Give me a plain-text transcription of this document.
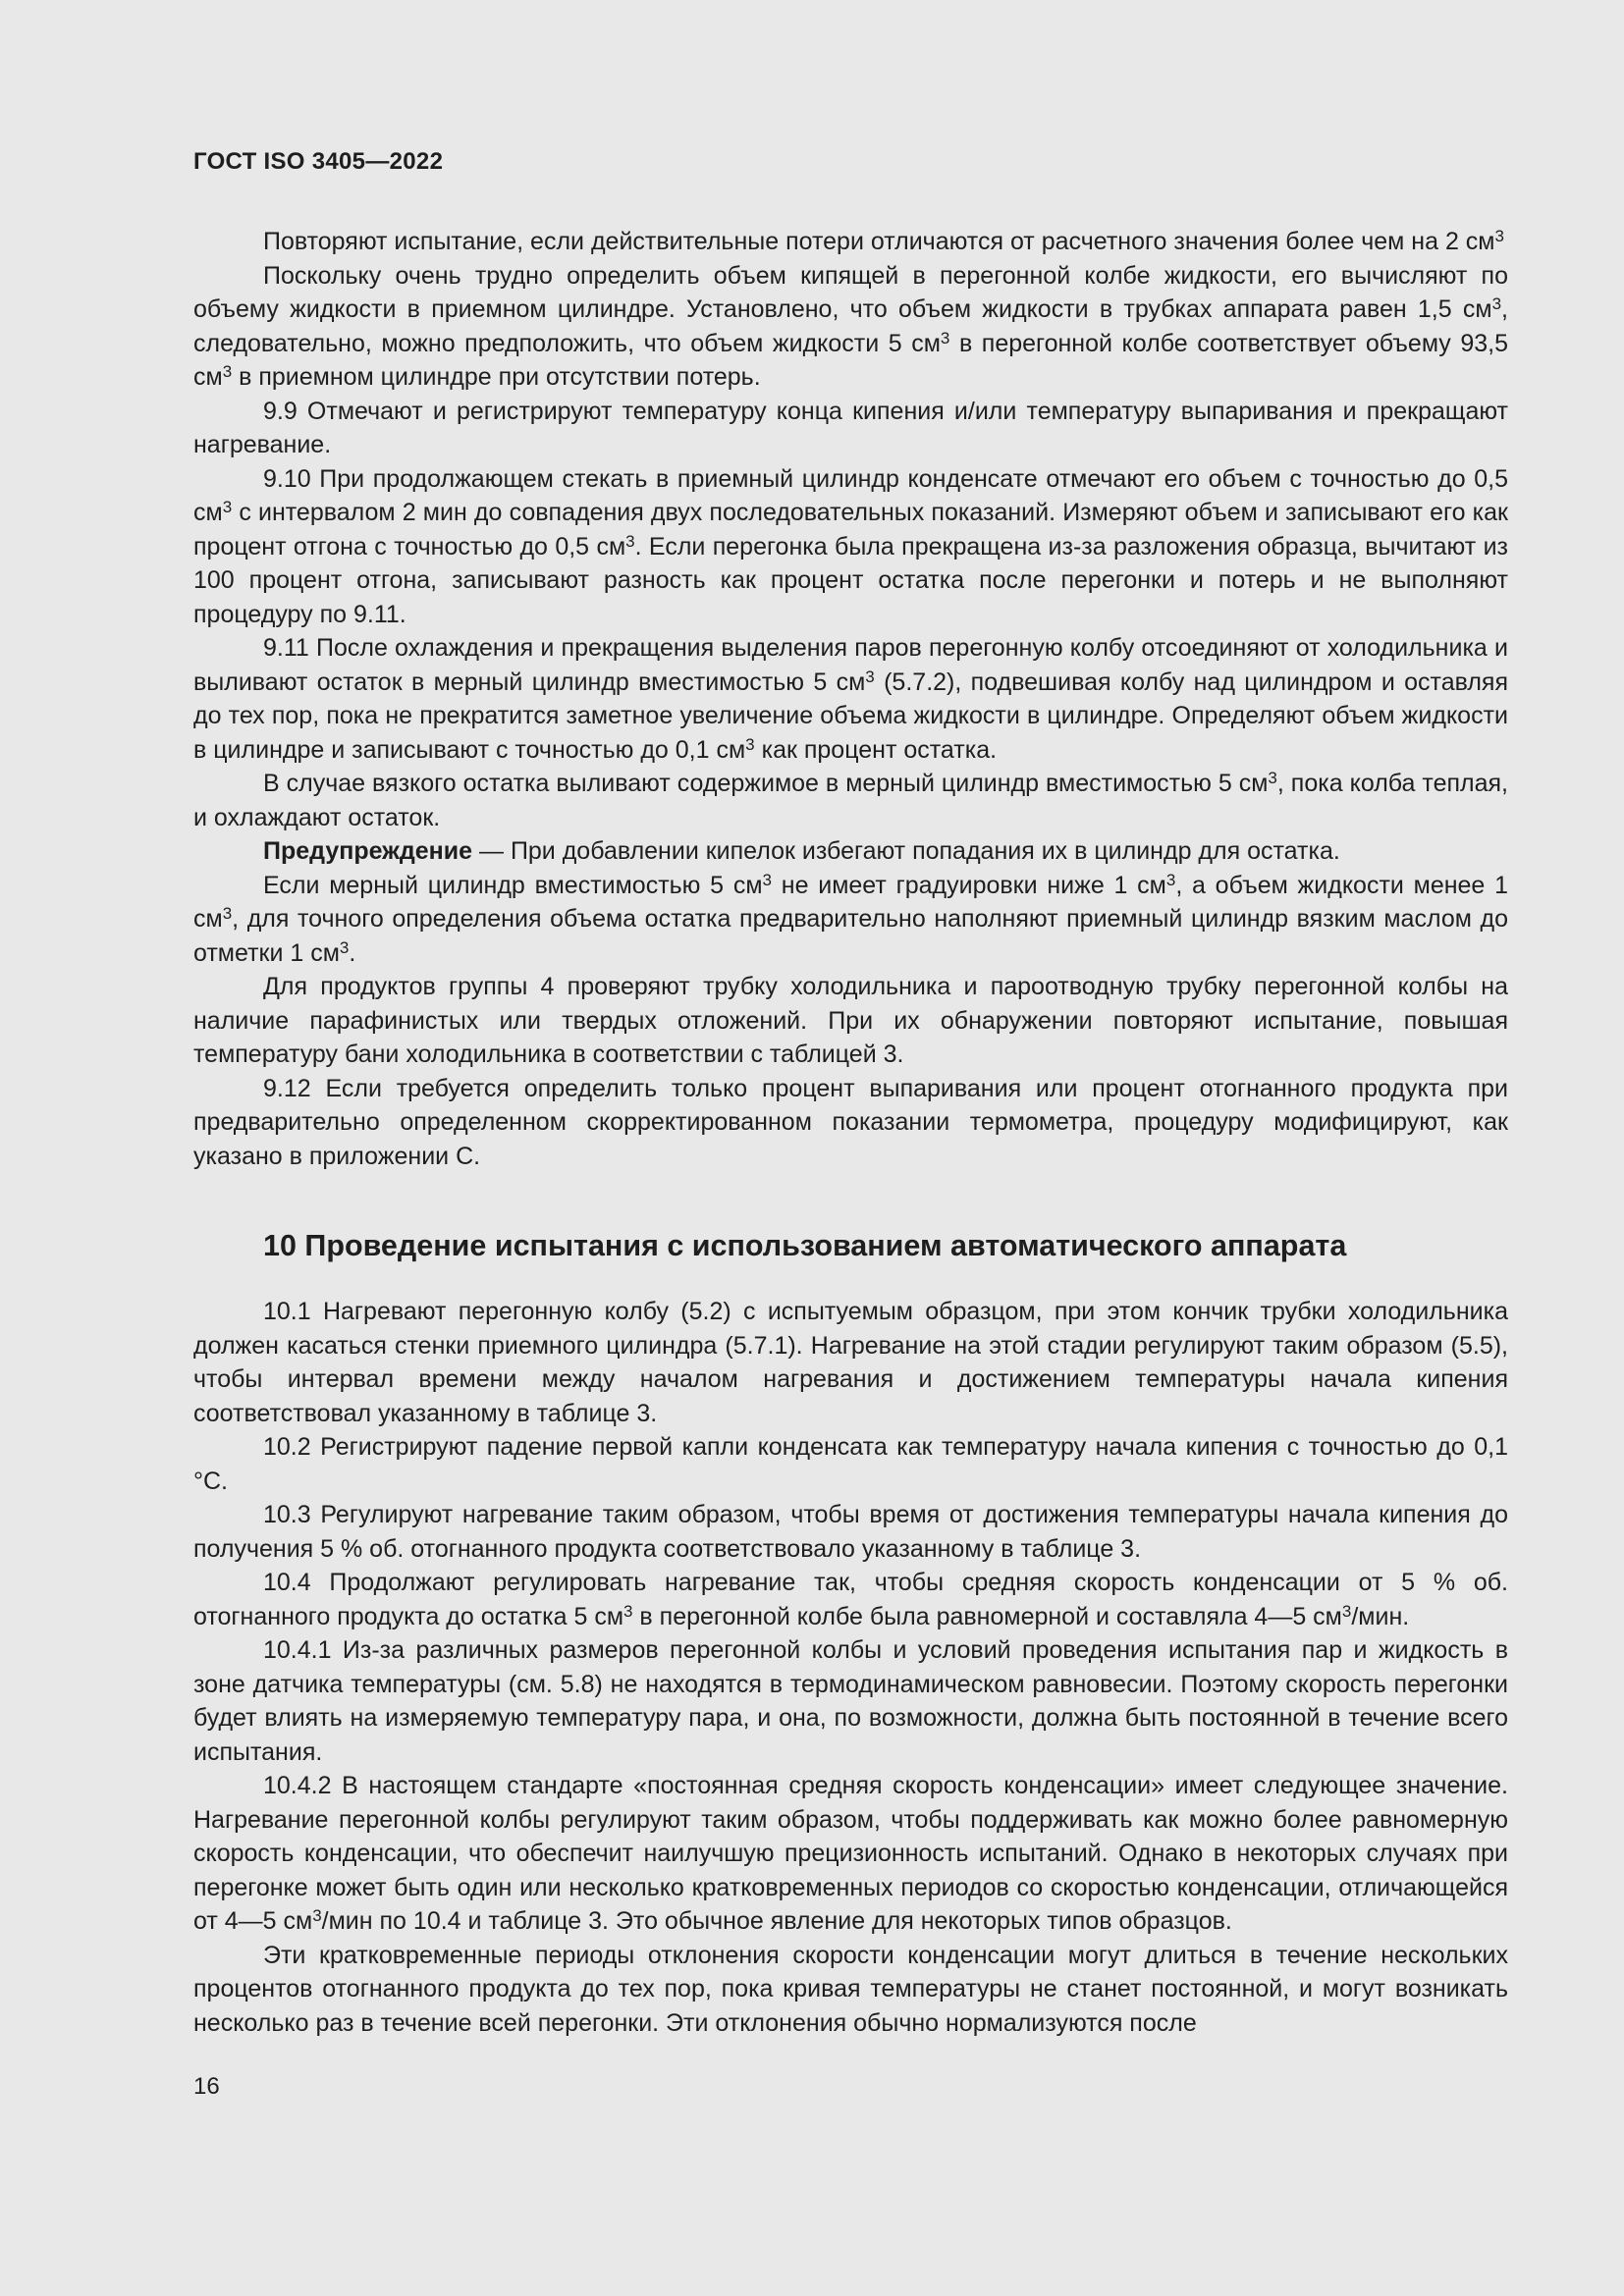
ГОСТ ISO 3405—2022

Повторяют испытание, если действительные потери отличаются от расчетного значения более чем на 2 $см^3$

Поскольку очень трудно определить объем кипящей в перегонной колбе жидкости, его вычисляют по объему жидкости в приемном цилиндре. Установлено, что объем жидкости в трубках аппарата равен 1,5 $см^3$, следовательно, можно предположить, что объем жидкости 5 $см^3$ в перегонной колбе соответствует объему 93,5 $см^3$ в приемном цилиндре при отсутствии потерь.

9.9 Отмечают и регистрируют температуру конца кипения и/или температуру выпаривания и прекращают нагревание.

9.10 При продолжающем стекать в приемный цилиндр конденсате отмечают его объем с точностью до 0,5 $см^3$ с интервалом 2 мин до совпадения двух последовательных показаний. Измеряют объем и записывают его как процент отгона с точностью до 0,5 $см^3$. Если перегонка была прекращена из-за разложения образца, вычитают из 100 процент отгона, записывают разность как процент остатка после перегонки и потерь и не выполняют процедуру по 9.11.

9.11 После охлаждения и прекращения выделения паров перегонную колбу отсоединяют от холодильника и выливают остаток в мерный цилиндр вместимостью 5 $см^3$ (5.7.2), подвешивая колбу над цилиндром и оставляя до тех пор, пока не прекратится заметное увеличение объема жидкости в цилиндре. Определяют объем жидкости в цилиндре и записывают с точностью до 0,1 $см^3$ как процент остатка.

В случае вязкого остатка выливают содержимое в мерный цилиндр вместимостью 5 $см^3$, пока колба теплая, и охлаждают остаток.

Предупреждение — При добавлении кипелок избегают попадания их в цилиндр для остатка.

Если мерный цилиндр вместимостью 5 $см^3$ не имеет градуировки ниже 1 $см^3$, а объем жидкости менее 1 $см^3$, для точного определения объема остатка предварительно наполняют приемный цилиндр вязким маслом до отметки 1 $см^3$.

Для продуктов группы 4 проверяют трубку холодильника и пароотводную трубку перегонной колбы на наличие парафинистых или твердых отложений. При их обнаружении повторяют испытание, повышая температуру бани холодильника в соответствии с таблицей 3.

9.12 Если требуется определить только процент выпаривания или процент отогнанного продукта при предварительно определенном скорректированном показании термометра, процедуру модифицируют, как указано в приложении С.

10 Проведение испытания с использованием автоматического аппарата

10.1 Нагревают перегонную колбу (5.2) с испытуемым образцом, при этом кончик трубки холодильника должен касаться стенки приемного цилиндра (5.7.1). Нагревание на этой стадии регулируют таким образом (5.5), чтобы интервал времени между началом нагревания и достижением температуры начала кипения соответствовал указанному в таблице 3.

10.2 Регистрируют падение первой капли конденсата как температуру начала кипения с точностью до 0,1 °С.

10.3 Регулируют нагревание таким образом, чтобы время от достижения температуры начала кипения до получения 5 % об. отогнанного продукта соответствовало указанному в таблице 3.

10.4 Продолжают регулировать нагревание так, чтобы средняя скорость конденсации от 5 % об. отогнанного продукта до остатка 5 $см^3$ в перегонной колбе была равномерной и составляла 4—5 $см^3$/мин.

10.4.1 Из-за различных размеров перегонной колбы и условий проведения испытания пар и жидкость в зоне датчика температуры (см. 5.8) не находятся в термодинамическом равновесии. Поэтому скорость перегонки будет влиять на измеряемую температуру пара, и она, по возможности, должна быть постоянной в течение всего испытания.

10.4.2 В настоящем стандарте «постоянная средняя скорость конденсации» имеет следующее значение. Нагревание перегонной колбы регулируют таким образом, чтобы поддерживать как можно более равномерную скорость конденсации, что обеспечит наилучшую прецизионность испытаний. Однако в некоторых случаях при перегонке может быть один или несколько кратковременных периодов со скоростью конденсации, отличающейся от 4—5 $см^3$/мин по 10.4 и таблице 3. Это обычное явление для некоторых типов образцов.

Эти кратковременные периоды отклонения скорости конденсации могут длиться в течение нескольких процентов отогнанного продукта до тех пор, пока кривая температуры не станет постоянной, и могут возникать несколько раз в течение всей перегонки. Эти отклонения обычно нормализуются после

16
